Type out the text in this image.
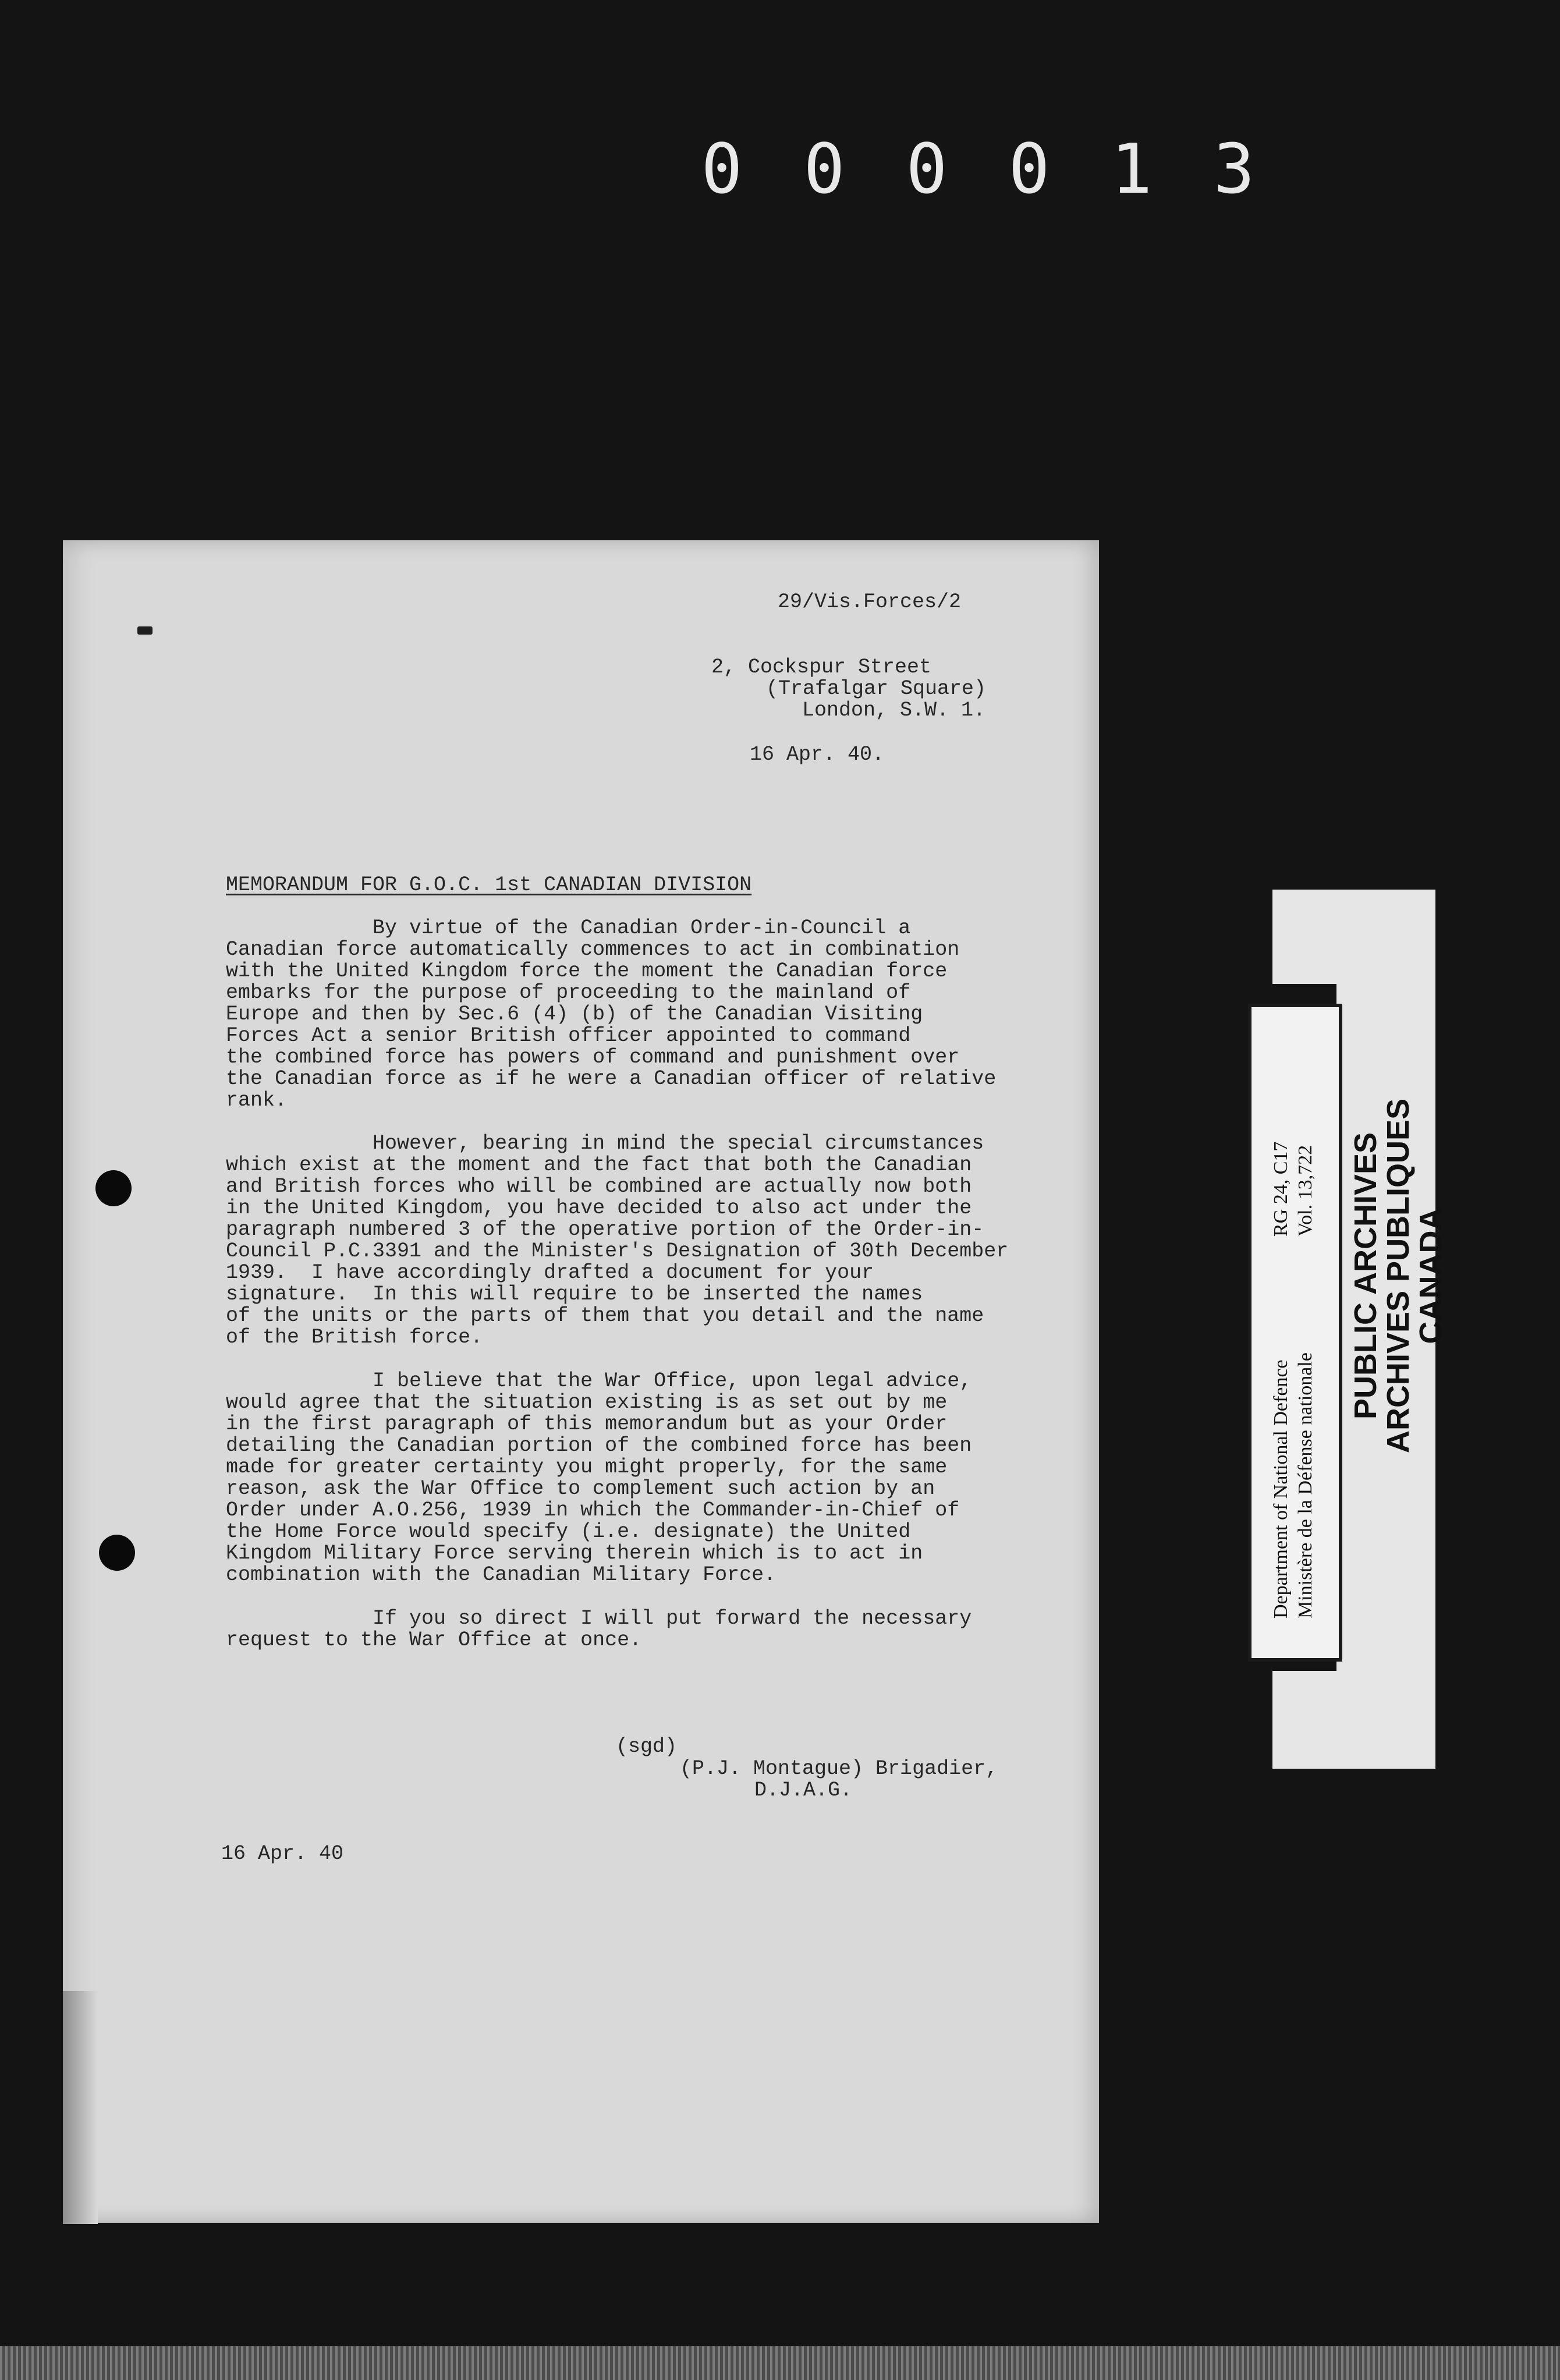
0 0 0 0 1 3
29/Vis.Forces/2
2, Cockspur Street
(Trafalgar Square)
London, S.W. 1.
16 Apr. 40.
MEMORANDUM FOR G.O.C. 1st CANADIAN DIVISION
By virtue of the Canadian Order-in-Council a
Canadian force automatically commences to act in combination
with the United Kingdom force the moment the Canadian force
embarks for the purpose of proceeding to the mainland of
Europe and then by Sec.6 (4) (b) of the Canadian Visiting
Forces Act a senior British officer appointed to command
the combined force has powers of command and punishment over
the Canadian force as if he were a Canadian officer of relative
rank.
However, bearing in mind the special circumstances
which exist at the moment and the fact that both the Canadian
and British forces who will be combined are actually now both
in the United Kingdom, you have decided to also act under the
paragraph numbered 3 of the operative portion of the Order-in-
Council P.C.3391 and the Minister's Designation of 30th December
1939.  I have accordingly drafted a document for your
signature.  In this will require to be inserted the names
of the units or the parts of them that you detail and the name
of the British force.
I believe that the War Office, upon legal advice,
would agree that the situation existing is as set out by me
in the first paragraph of this memorandum but as your Order
detailing the Canadian portion of the combined force has been
made for greater certainty you might properly, for the same
reason, ask the War Office to complement such action by an
Order under A.O.256, 1939 in which the Commander-in-Chief of
the Home Force would specify (i.e. designate) the United
Kingdom Military Force serving therein which is to act in
combination with the Canadian Military Force.
If you so direct I will put forward the necessary
request to the War Office at once.
(sgd)
(P.J. Montague) Brigadier,
D.J.A.G.
16 Apr. 40
Department of National Defence Ministère de la Défense nationale
RG 24, C17 Vol. 13,722 PUBLIC ARCHIVES
ARCHIVES PUBLIQUES
CANADA
